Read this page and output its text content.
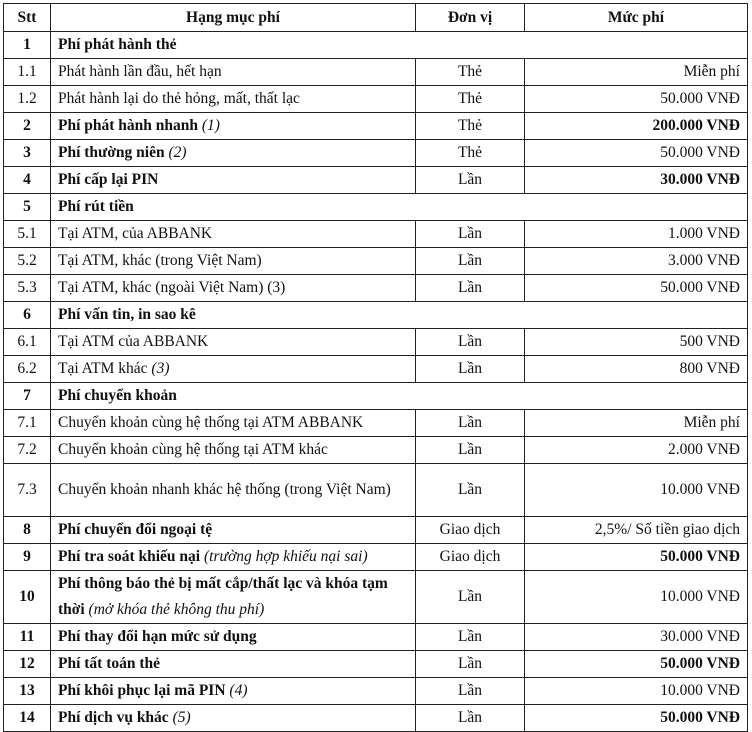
Stt	Hạng mục phí	Đơn vị	Mức phí
1	Phí phát hành thẻ		
1.1	Phát hành lần đầu, hết hạn	Thẻ	Miễn phí
1.2	Phát hành lại do thẻ hỏng, mất, thất lạc	Thẻ	50.000 VNĐ
2	Phí phát hành nhanh (1)	Thẻ	200.000 VNĐ
3	Phí thường niên (2)	Thẻ	50.000 VNĐ
4	Phí cấp lại PIN	Lần	30.000 VNĐ
5	Phí rút tiền		
5.1	Tại ATM, của ABBANK	Lần	1.000 VNĐ
5.2	Tại ATM, khác (trong Việt Nam)	Lần	3.000 VNĐ
5.3	Tại ATM, khác (ngoài Việt Nam) (3)	Lần	50.000 VNĐ
6	Phí vấn tin, in sao kê		
6.1	Tại ATM của ABBANK	Lần	500 VNĐ
6.2	Tại ATM khác (3)	Lần	800 VNĐ
7	Phí chuyển khoản		
7.1	Chuyển khoản cùng hệ thống tại ATM ABBANK	Lần	Miễn phí
7.2	Chuyển khoản cùng hệ thống tại ATM khác	Lần	2.000 VNĐ
7.3	Chuyển khoản nhanh khác hệ thống (trong Việt Nam)	Lần	10.000 VNĐ
8	Phí chuyển đổi ngoại tệ	Giao dịch	2,5%/ Số tiền giao dịch
9	Phí tra soát khiếu nại (trường hợp khiếu nại sai)	Giao dịch	50.000 VNĐ
10	Phí thông báo thẻ bị mất cắp/thất lạc và khóa tạm thời (mở khóa thẻ không thu phí)	Lần	10.000 VNĐ
11	Phí thay đổi hạn mức sử dụng	Lần	30.000 VNĐ
12	Phí tất toán thẻ	Lần	50.000 VNĐ
13	Phí khôi phục lại mã PIN (4)	Lần	10.000 VNĐ
14	Phí dịch vụ khác (5)	Lần	50.000 VNĐ
